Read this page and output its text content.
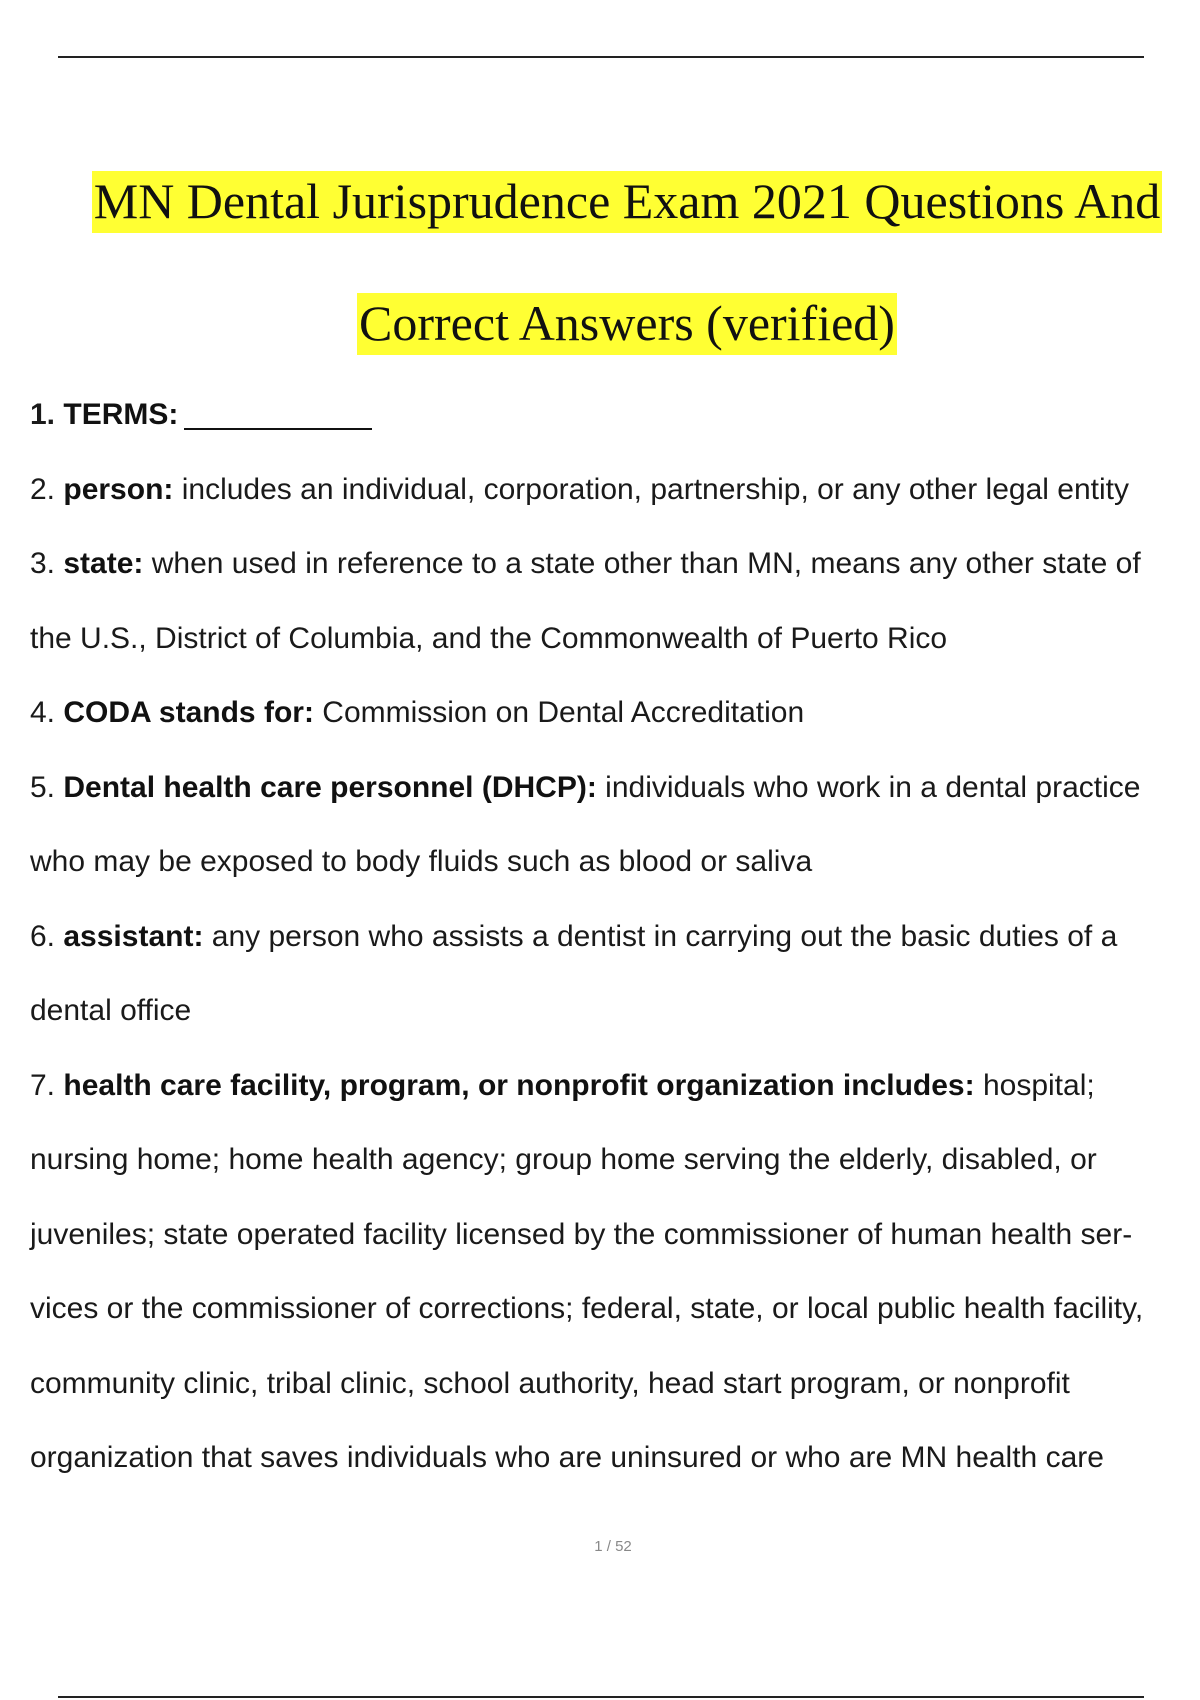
MN Dental Jurisprudence Exam 2021 Questions And
Correct Answers (verified)
1. TERMS:
2. person: includes an individual, corporation, partnership, or any other legal entity
3. state: when used in reference to a state other than MN, means any other state of
the U.S., District of Columbia, and the Commonwealth of Puerto Rico
4. CODA stands for: Commission on Dental Accreditation
5. Dental health care personnel (DHCP): individuals who work in a dental practice
who may be exposed to body fluids such as blood or saliva
6. assistant: any person who assists a dentist in carrying out the basic duties of a
dental office
7. health care facility, program, or nonprofit organization includes: hospital;
nursing home; home health agency; group home serving the elderly, disabled, or
juveniles; state operated facility licensed by the commissioner of human health ser-
vices or the commissioner of corrections; federal, state, or local public health facility,
community clinic, tribal clinic, school authority, head start program, or nonprofit
organization that saves individuals who are uninsured or who are MN health care
1 / 52
